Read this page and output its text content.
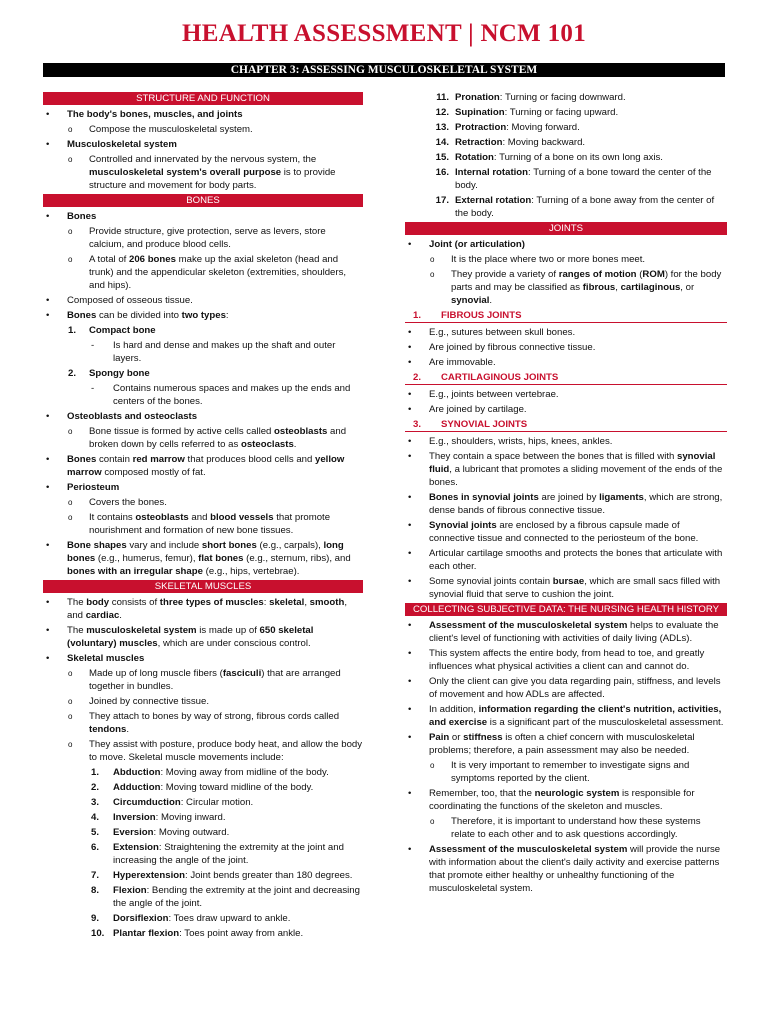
HEALTH ASSESSMENT | NCM 101
CHAPTER 3: ASSESSING MUSCULOSKELETAL SYSTEM
STRUCTURE AND FUNCTION
• The body's bones, muscles, and joints
o Compose the musculoskeletal system.
• Musculoskeletal system
o Controlled and innervated by the nervous system, the musculoskeletal system's overall purpose is to provide structure and movement for body parts.
BONES
• Bones
o Provide structure, give protection, serve as levers, store calcium, and produce blood cells.
o A total of 206 bones make up the axial skeleton (head and trunk) and the appendicular skeleton (extremities, shoulders, and hips).
• Composed of osseous tissue.
• Bones can be divided into two types:
1. Compact bone
- Is hard and dense and makes up the shaft and outer layers.
2. Spongy bone
- Contains numerous spaces and makes up the ends and centers of the bones.
• Osteoblasts and osteoclasts
o Bone tissue is formed by active cells called osteoblasts and broken down by cells referred to as osteoclasts.
• Bones contain red marrow that produces blood cells and yellow marrow composed mostly of fat.
• Periosteum
o Covers the bones.
o It contains osteoblasts and blood vessels that promote nourishment and formation of new bone tissues.
• Bone shapes vary and include short bones (e.g., carpals), long bones (e.g., humerus, femur), flat bones (e.g., sternum, ribs), and bones with an irregular shape (e.g., hips, vertebrae).
SKELETAL MUSCLES
• The body consists of three types of muscles: skeletal, smooth, and cardiac.
• The musculoskeletal system is made up of 650 skeletal (voluntary) muscles, which are under conscious control.
• Skeletal muscles
o Made up of long muscle fibers (fasciculi) that are arranged together in bundles.
o Joined by connective tissue.
o They attach to bones by way of strong, fibrous cords called tendons.
o They assist with posture, produce body heat, and allow the body to move. Skeletal muscle movements include:
1. Abduction: Moving away from midline of the body.
2. Adduction: Moving toward midline of the body.
3. Circumduction: Circular motion.
4. Inversion: Moving inward.
5. Eversion: Moving outward.
6. Extension: Straightening the extremity at the joint and increasing the angle of the joint.
7. Hyperextension: Joint bends greater than 180 degrees.
8. Flexion: Bending the extremity at the joint and decreasing the angle of the joint.
9. Dorsiflexion: Toes draw upward to ankle.
10. Plantar flexion: Toes point away from ankle.
11. Pronation: Turning or facing downward.
12. Supination: Turning or facing upward.
13. Protraction: Moving forward.
14. Retraction: Moving backward.
15. Rotation: Turning of a bone on its own long axis.
16. Internal rotation: Turning of a bone toward the center of the body.
17. External rotation: Turning of a bone away from the center of the body.
JOINTS
• Joint (or articulation)
o It is the place where two or more bones meet.
o They provide a variety of ranges of motion (ROM) for the body parts and may be classified as fibrous, cartilaginous, or synovial.
1. FIBROUS JOINTS
• E.g., sutures between skull bones.
• Are joined by fibrous connective tissue.
• Are immovable.
2. CARTILAGINOUS JOINTS
• E.g., joints between vertebrae.
• Are joined by cartilage.
3. SYNOVIAL JOINTS
• E.g., shoulders, wrists, hips, knees, ankles.
• They contain a space between the bones that is filled with synovial fluid, a lubricant that promotes a sliding movement of the ends of the bones.
• Bones in synovial joints are joined by ligaments, which are strong, dense bands of fibrous connective tissue.
• Synovial joints are enclosed by a fibrous capsule made of connective tissue and connected to the periosteum of the bone.
• Articular cartilage smooths and protects the bones that articulate with each other.
• Some synovial joints contain bursae, which are small sacs filled with synovial fluid that serve to cushion the joint.
COLLECTING SUBJECTIVE DATA: THE NURSING HEALTH HISTORY
• Assessment of the musculoskeletal system helps to evaluate the client's level of functioning with activities of daily living (ADLs).
• This system affects the entire body, from head to toe, and greatly influences what physical activities a client can and cannot do.
• Only the client can give you data regarding pain, stiffness, and levels of movement and how ADLs are affected.
• In addition, information regarding the client's nutrition, activities, and exercise is a significant part of the musculoskeletal assessment.
• Pain or stiffness is often a chief concern with musculoskeletal problems; therefore, a pain assessment may also be needed.
o It is very important to remember to investigate signs and symptoms reported by the client.
• Remember, too, that the neurologic system is responsible for coordinating the functions of the skeleton and muscles.
o Therefore, it is important to understand how these systems relate to each other and to ask questions accordingly.
• Assessment of the musculoskeletal system will provide the nurse with information about the client's daily activity and exercise patterns that promote either healthy or unhealthy functioning of the musculoskeletal system.
